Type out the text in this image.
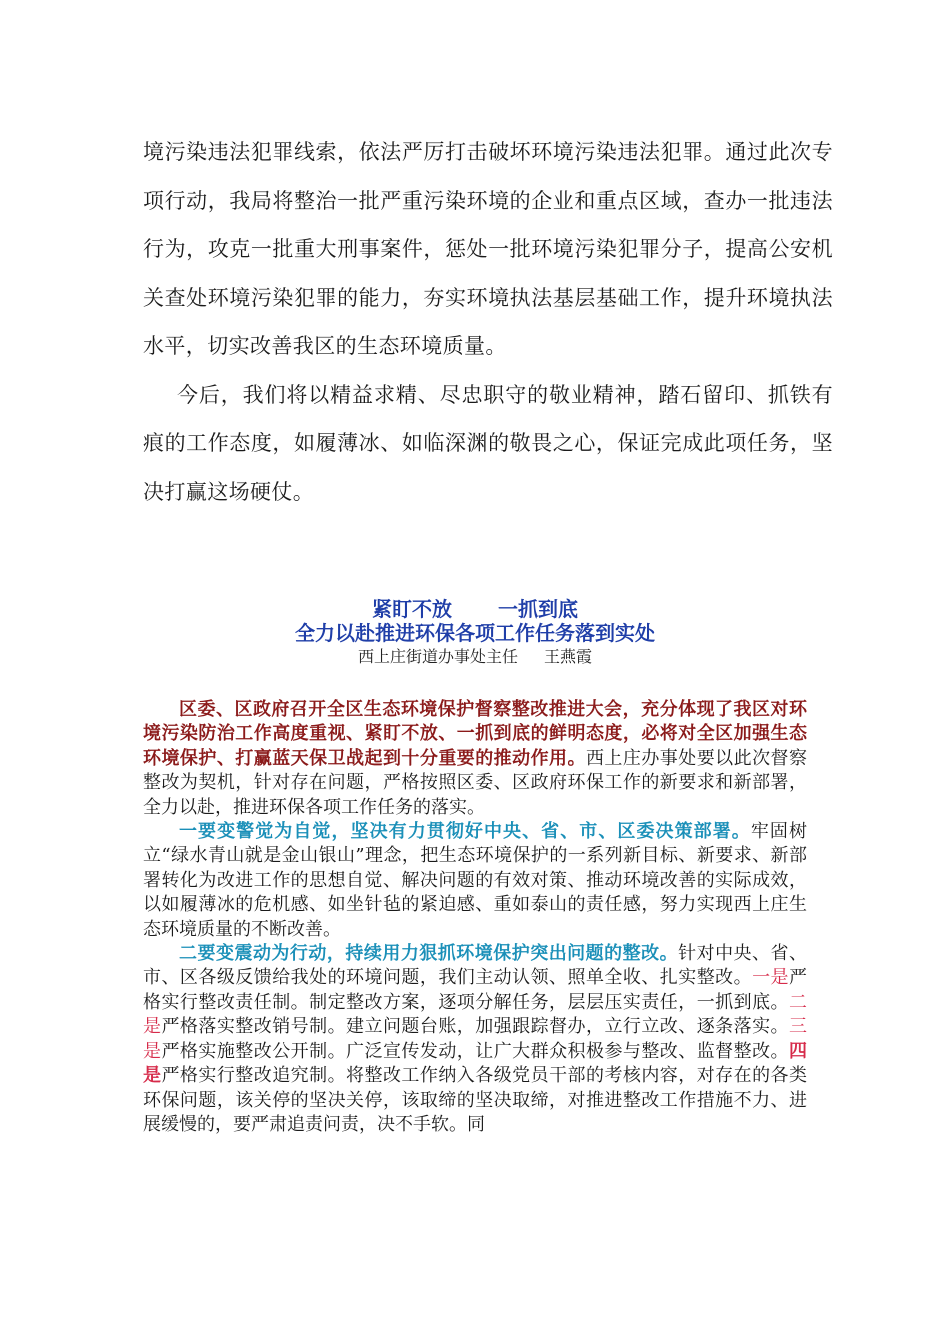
境污染违法犯罪线索，依法严厉打击破坏环境污染违法犯罪。通过此次专项行动，我局将整治一批严重污染环境的企业和重点区域，查办一批违法行为，攻克一批重大刑事案件，惩处一批环境污染犯罪分子，提高公安机关查处环境污染犯罪的能力，夯实环境执法基层基础工作，提升环境执法水平，切实改善我区的生态环境质量。

今后，我们将以精益求精、尽忠职守的敬业精神，踏石留印、抓铁有痕的工作态度，如履薄冰、如临深渊的敬畏之心，保证完成此项任务，坚决打赢这场硬仗。

紧盯不放 一抓到底
全力以赴推进环保各项工作任务落到实处
西上庄街道办事处主任 王燕霞

区委、区政府召开全区生态环境保护督察整改推进大会，充分体现了我区对环境污染防治工作高度重视、紧盯不放、一抓到底的鲜明态度，必将对全区加强生态环境保护、打赢蓝天保卫战起到十分重要的推动作用。西上庄办事处要以此次督察整改为契机，针对存在问题，严格按照区委、区政府环保工作的新要求和新部署，全力以赴，推进环保各项工作任务的落实。

一要变警觉为自觉，坚决有力贯彻好中央、省、市、区委决策部署。牢固树立“绿水青山就是金山银山”理念，把生态环境保护的一系列新目标、新要求、新部署转化为改进工作的思想自觉、解决问题的有效对策、推动环境改善的实际成效，以如履薄冰的危机感、如坐针毡的紧迫感、重如泰山的责任感，努力实现西上庄生态环境质量的不断改善。

二要变震动为行动，持续用力狠抓环境保护突出问题的整改。针对中央、省、市、区各级反馈给我处的环境问题，我们主动认领、照单全收、扎实整改。一是严格实行整改责任制。制定整改方案，逐项分解任务，层层压实责任，一抓到底。二是严格落实整改销号制。建立问题台账，加强跟踪督办，立行立改、逐条落实。三是严格实施整改公开制。广泛宣传发动，让广大群众积极参与整改、监督整改。四是严格实行整改追究制。将整改工作纳入各级党员干部的考核内容，对存在的各类环保问题，该关停的坚决关停，该取缔的坚决取缔，对推进整改工作措施不力、进展缓慢的，要严肃追责问责，决不手软。同
